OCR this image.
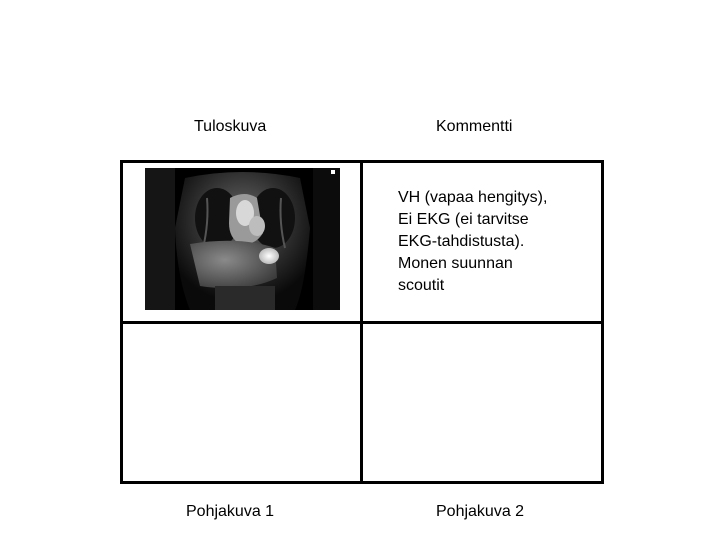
Tuloskuva	Kommentti
VH (vapaa hengitys),
Ei EKG (ei tarvitse
EKG-tahdistusta).
Monen suunnan
scoutit
Pohjakuva 1	Pohjakuva 2
